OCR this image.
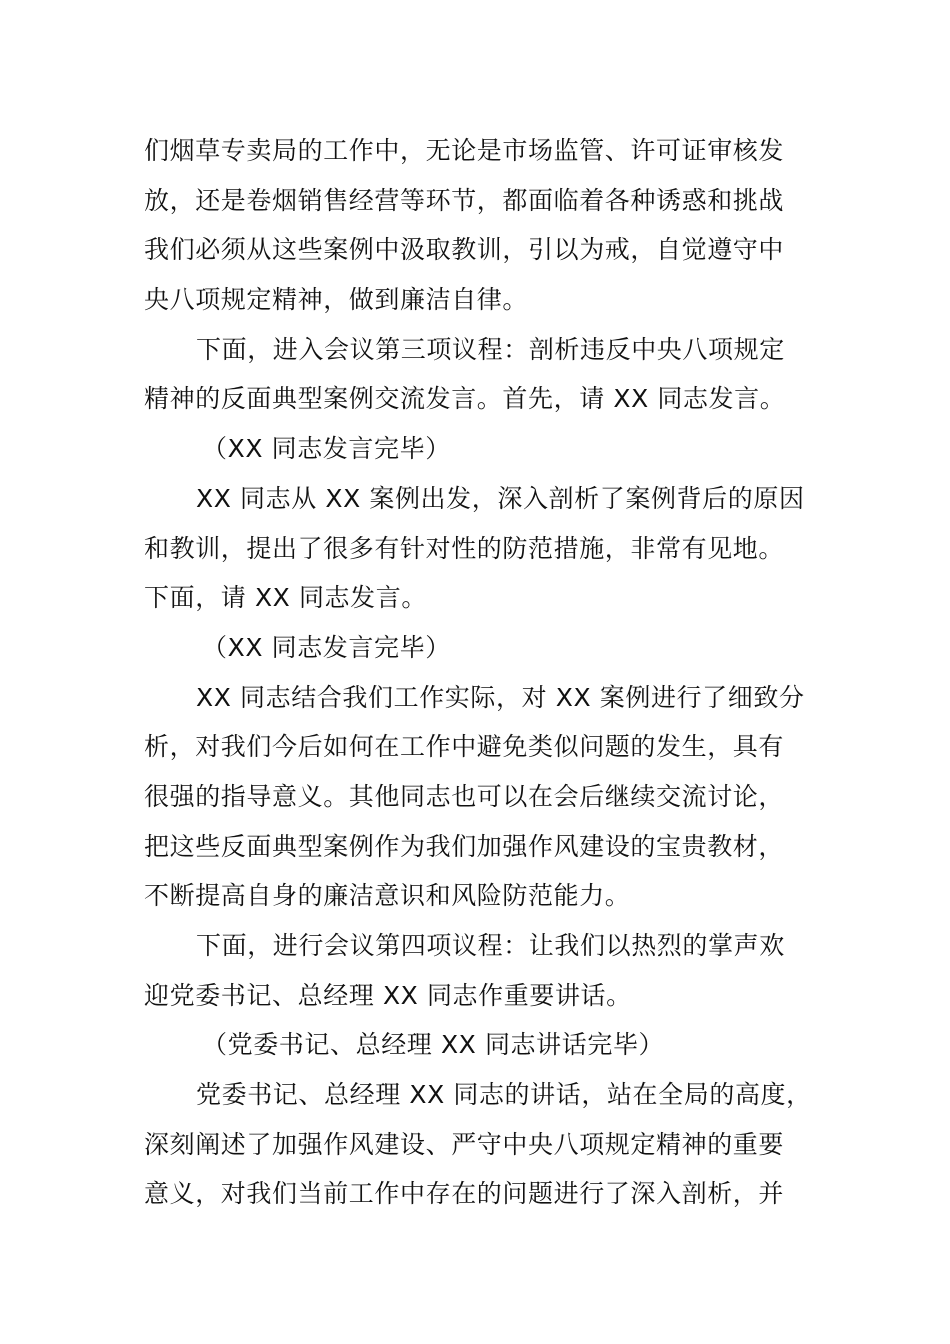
们烟草专卖局的工作中，无论是市场监管、许可证审核发
放，还是卷烟销售经营等环节，都面临着各种诱惑和挑战
我们必须从这些案例中汲取教训，引以为戒，自觉遵守中
央八项规定精神，做到廉洁自律。
下面，进入会议第三项议程：剖析违反中央八项规定
精神的反面典型案例交流发言。首先，请 XX 同志发言。
（XX 同志发言完毕）
XX 同志从 XX 案例出发，深入剖析了案例背后的原因
和教训，提出了很多有针对性的防范措施，非常有见地。
下面，请 XX 同志发言。
（XX 同志发言完毕）
XX 同志结合我们工作实际，对 XX 案例进行了细致分
析，对我们今后如何在工作中避免类似问题的发生，具有
很强的指导意义。其他同志也可以在会后继续交流讨论，
把这些反面典型案例作为我们加强作风建设的宝贵教材，
不断提高自身的廉洁意识和风险防范能力。
下面，进行会议第四项议程：让我们以热烈的掌声欢
迎党委书记、总经理 XX 同志作重要讲话。
（党委书记、总经理 XX 同志讲话完毕）
党委书记、总经理 XX 同志的讲话，站在全局的高度，
深刻阐述了加强作风建设、严守中央八项规定精神的重要
意义，对我们当前工作中存在的问题进行了深入剖析，并
